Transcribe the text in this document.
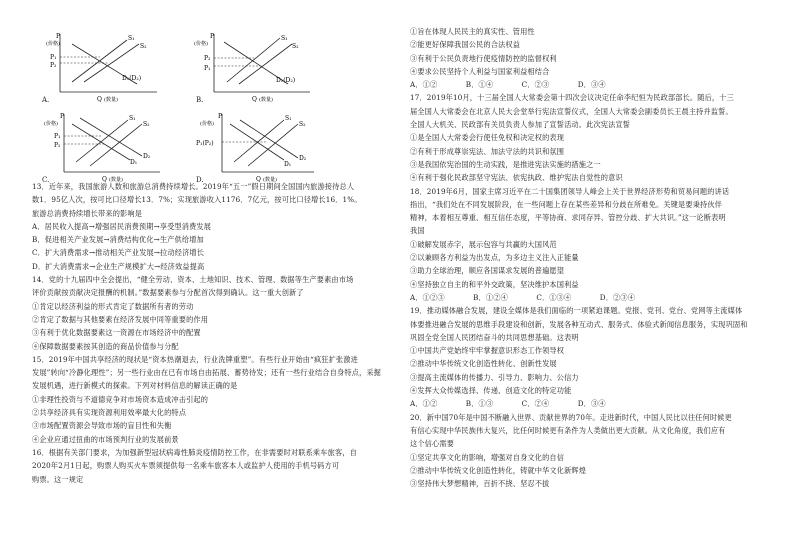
P
(价格)
Q (数量)
S₁
S₂
D₁(D₂)
P₁
P₂
A.
P
(价格)
Q (数量)
S₁
S₂
D₁(D₂)
P₂
P₁
B.
P
(价格)
Q (数量)
S₁
S₂
D₁
D₂
P₁
P₂
C.
P
(价格)
Q (数量)
S₁
S₂
D₁
D₂
P₁(P₂)
D.
13．近年来，我国旅游人数和旅游总消费持续增长。2019年“五一”假日期间全国国内旅游接待总人
数1．95亿人次，按可比口径增长13．7%；实现旅游收入1176．7亿元，按可比口径增长16．1%。
旅游总消费持续增长带来的影响是
A．居民收入提高→增强居民消费预期→享受型消费发展
B．促进相关产业发展→消费结构优化→生产供给增加
C．扩大消费需求→推动相关产业发展→拉动经济增长
D．扩大消费需求→企业生产规模扩大→经济效益提高
14．党的十九届四中全会提出，“健全劳动、资本、土地知识、技术、管理、数据等生产要素由市场
评价贡献按贡献决定报酬的机制。”数据要素参与分配首次得到确认。这一重大创新了
①肯定以经济利益的形式肯定了数据所有者的劳动
②肯定了数据与其他要素在经济发展中同等重要的作用
③有利于优化数据要素这一资源在市场经济中的配置
④保障数据要素按其创造的商品价值参与分配
15．2019年中国共享经济的现状是“资本热潮退去，行业洗牌重塑”。有些行业开始由“疯狂扩张激进
发展”转向“冷静化理性”；另一些行业由在已有市场自由拓展、蓄势待发；还有一些行业结合自身特点，采掘
发展机遇，进行新模式的探索。下列对材料信息的解读正确的是
①非理性投资与不道德竞争对市场资本造成冲击引起的
②共享经济具有实现资源利用效率最大化的特点
③市场配置资源会导致市场的盲目性和失衡
④企业应通过扭曲的市场预判行业的发展前景
16．根据有关部门要求，为加强新型冠状病毒性肺炎疫情防控工作，在非需要时对联系乘车旅客，自
2020年2月1日起，购票人购买火车票须提供每一名乘车旅客本人或监护人使用的手机号码方可
购票。这一规定
①旨在体现人民民主的真实性、管用性
②能更好保障我国公民的合法权益
③有利于公民负责地行使疫情防控的监督权利
④要求公民坚持个人利益与国家利益相结合
A．①② B．①④ C．②③ D．③④
17．2019年10月，十三届全国人大常委会第十四次会议决定任命李纪恒为民政部部长。随后，十三
届全国人大常委会在北京人民大会堂举行宪法宣誓仪式，全国人大常委会副委员长王晨主持并监誓。
全国人大机关、民政部有关员负责人参加了宣誓活动。此次宪法宣誓
①是全国人大常委会行使任免权和决定权的表现
②有利于形成尊崇宪法、加法守法的共识和氛围
③是我国依宪治国的生动实践，是推进宪法实施的措施之一
④有利于强化民政部坚守宪法、依宪执政、维护宪法自觉性的意识
18．2019年6月，国家主席习近平在二十国集团领导人峰会上关于世界经济形势和贸易问题的讲话
指出，“我们处在不同发展阶段，在一些问题上存在某些差异和分歧在所难免。关键是要秉持伙伴
精神，本着相互尊重、相互信任态度，平等协商、求同存异、管控分歧、扩大共识。”这一论断表明
我国
①破解发展赤字，展示包容与共赢的大国风范
②以兼顾各方利益为出发点，为多边主义注入正能量
③助力全球治理，顺应各国谋求发展的普遍愿望
④坚持独立自主的和平外交政策，坚决维护本国利益
A．①②③ B．①②④ C．①③④ D．②③④
19．推动媒体融合发展，建设全媒体是我们面临的一项紧迫课题。党报、党刊、党台、党网等主流媒体
体要推进融合发展的思维手段建设和创新，发展各种互动式、服务式、体验式新闻信息服务，实现巩固和
巩固全党全国人民团结奋斗的共同思想基础。这表明
①中国共产党始终牢牢掌握意识形态工作领导权
②推动中华传统文化创造性转化、创新性发展
③提高主流媒体的传播力、引导力、影响力、公信力
④发挥大众传媒选择、传递、创造文化的特定功能
A．①② B．①③ C．②④ D．③④
20．新中国70年是中国不断融入世界、贡献世界的70年。走进新时代，中国人民比以往任何时候更
有信心实现中华民族伟大复兴，比任何时候更有条件为人类做出更大贡献。从文化角度，我们应有
这个信心需要
①坚定共享文化的影响，增强对自身文化的自信
②推动中华传统文化创造性转化，铸就中华文化新辉煌
③坚持伟大梦想精神，百折不挠、坚忍不拔
